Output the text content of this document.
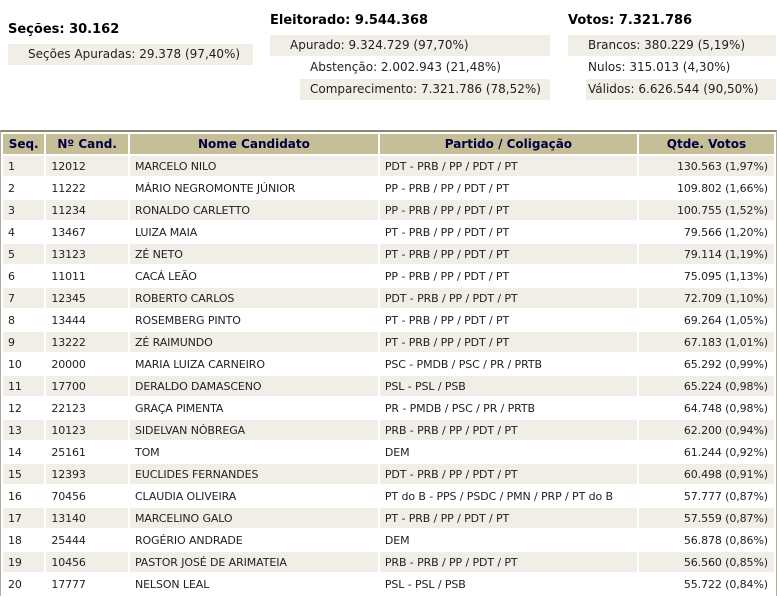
Seções: 30.162
Seções Apuradas: 29.378 (97,40%)
Eleitorado: 9.544.368
Apurado: 9.324.729 (97,70%)
Abstenção: 2.002.943 (21,48%)
Comparecimento: 7.321.786 (78,52%)
Votos: 7.321.786
Brancos: 380.229 (5,19%)
Nulos: 315.013 (4,30%)
Válidos: 6.626.544 (90,50%)
Seq.	Nº Cand.	Nome Candidato	Partido / Coligação	Qtde. Votos
1	12012	MARCELO NILO	PDT - PRB / PP / PDT / PT	130.563 (1,97%)
2	11222	MÁRIO NEGROMONTE JÚNIOR	PP - PRB / PP / PDT / PT	109.802 (1,66%)
3	11234	RONALDO CARLETTO	PP - PRB / PP / PDT / PT	100.755 (1,52%)
4	13467	LUIZA MAIA	PT - PRB / PP / PDT / PT	79.566 (1,20%)
5	13123	ZÉ NETO	PT - PRB / PP / PDT / PT	79.114 (1,19%)
6	11011	CACÁ LEÃO	PP - PRB / PP / PDT / PT	75.095 (1,13%)
7	12345	ROBERTO CARLOS	PDT - PRB / PP / PDT / PT	72.709 (1,10%)
8	13444	ROSEMBERG PINTO	PT - PRB / PP / PDT / PT	69.264 (1,05%)
9	13222	ZÉ RAIMUNDO	PT - PRB / PP / PDT / PT	67.183 (1,01%)
10	20000	MARIA LUIZA CARNEIRO	PSC - PMDB / PSC / PR / PRTB	65.292 (0,99%)
11	17700	DERALDO DAMASCENO	PSL - PSL / PSB	65.224 (0,98%)
12	22123	GRAÇA PIMENTA	PR - PMDB / PSC / PR / PRTB	64.748 (0,98%)
13	10123	SIDELVAN NÓBREGA	PRB - PRB / PP / PDT / PT	62.200 (0,94%)
14	25161	TOM	DEM	61.244 (0,92%)
15	12393	EUCLIDES FERNANDES	PDT - PRB / PP / PDT / PT	60.498 (0,91%)
16	70456	CLAUDIA OLIVEIRA	PT do B - PPS / PSDC / PMN / PRP / PT do B	57.777 (0,87%)
17	13140	MARCELINO GALO	PT - PRB / PP / PDT / PT	57.559 (0,87%)
18	25444	ROGÉRIO ANDRADE	DEM	56.878 (0,86%)
19	10456	PASTOR JOSÉ DE ARIMATEIA	PRB - PRB / PP / PDT / PT	56.560 (0,85%)
20	17777	NELSON LEAL	PSL - PSL / PSB	55.722 (0,84%)
